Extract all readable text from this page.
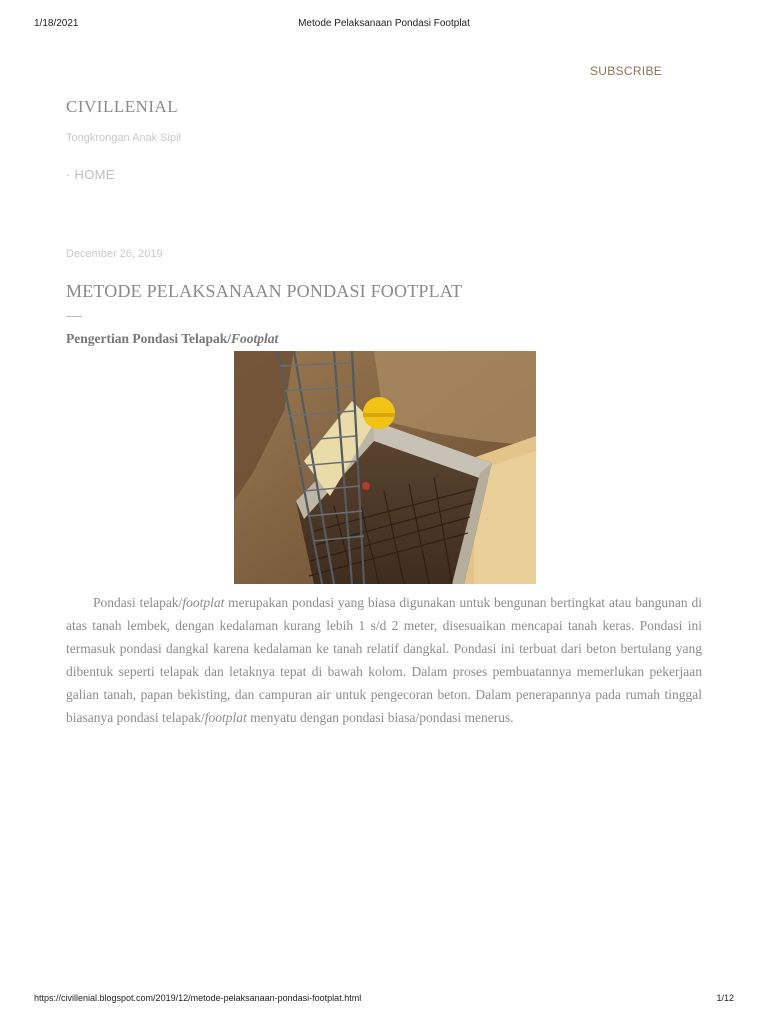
1/18/2021	Metode Pelaksanaan Pondasi Footplat
SUBSCRIBE
CIVILLENIAL
Tongkrongan Anak Sipil
· HOME
December 26, 2019
METODE PELAKSANAAN PONDASI FOOTPLAT
Pengertian Pondasi Telapak/Footplat

Pondasi telapak/footplat merupakan pondasi yang biasa digunakan untuk bengunan bertingkat atau bangunan di atas tanah lembek, dengan kedalaman kurang lebih 1 s/d 2 meter, disesuaikan mencapai tanah keras. Pondasi ini termasuk pondasi dangkal karena kedalaman ke tanah relatif dangkal. Pondasi ini terbuat dari beton bertulang yang dibentuk seperti telapak dan letaknya tepat di bawah kolom. Dalam proses pembuatannya memerlukan pekerjaan galian tanah, papan bekisting, dan campuran air untuk pengecoran beton. Dalam penerapannya pada rumah tinggal biasanya pondasi telapak/footplat menyatu dengan pondasi biasa/pondasi menerus.

https://civillenial.blogspot.com/2019/12/metode-pelaksanaan-pondasi-footplat.html	1/12
